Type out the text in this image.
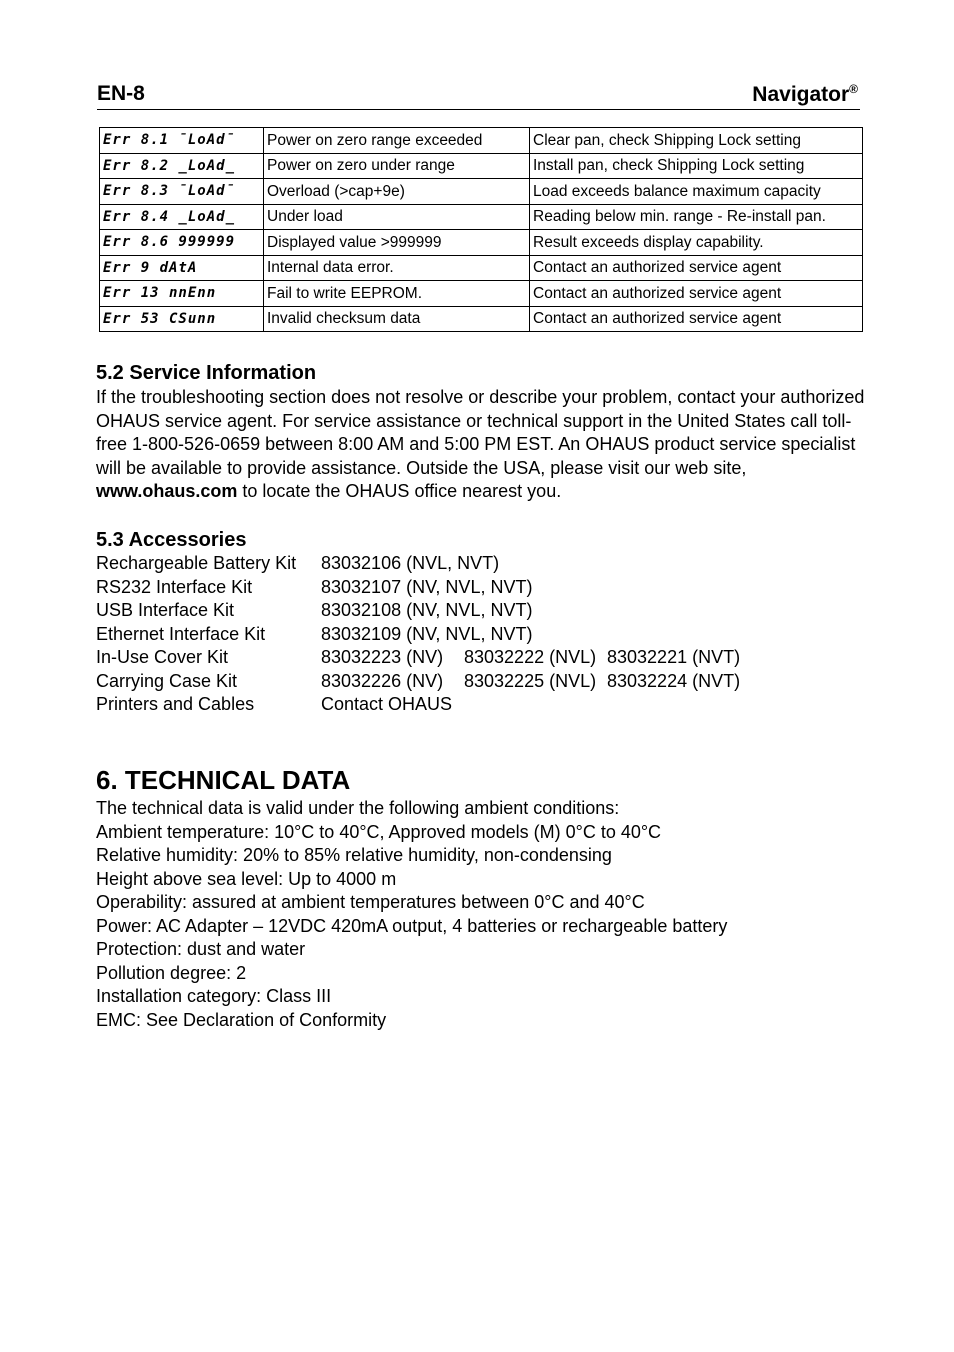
EN-8	Navigator®
Err 8.1 ¯LoAd¯	Power on zero range exceeded	Clear pan, check Shipping Lock setting
Err 8.2 _LoAd_	Power on zero under range	Install pan, check Shipping Lock setting
Err 8.3 ¯LoAd¯	Overload (>cap+9e)	Load exceeds balance maximum capacity
Err 8.4 _LoAd_	Under load	Reading below min. range - Re-install pan.
Err 8.6 999999	Displayed value >999999	Result exceeds display capability.
Err 9 dAtA	Internal data error.	Contact an authorized service agent
Err 13 nnEnn	Fail to write EEPROM.	Contact an authorized service agent
Err 53 CSunn	Invalid checksum data	Contact an authorized service agent
5.2 Service Information
If the troubleshooting section does not resolve or describe your problem, contact your authorized OHAUS service agent. For service assistance or technical support in the United States call toll-free 1-800-526-0659 between 8:00 AM and 5:00 PM EST. An OHAUS product service specialist will be available to provide assistance. Outside the USA, please visit our web site, www.ohaus.com to locate the OHAUS office nearest you.
5.3 Accessories
Rechargeable Battery Kit 83032106 (NVL, NVT)
RS232 Interface Kit	83032107 (NV, NVL, NVT)
USB Interface Kit	83032108 (NV, NVL, NVT)
Ethernet Interface Kit	83032109 (NV, NVL, NVT)
In-Use Cover Kit	83032223 (NV) 83032222 (NVL) 83032221 (NVT)
Carrying Case Kit	83032226 (NV) 83032225 (NVL) 83032224 (NVT)
Printers and Cables	Contact OHAUS
6. TECHNICAL DATA
The technical data is valid under the following ambient conditions:
Ambient temperature: 10°C to 40°C, Approved models (M) 0°C to 40°C
Relative humidity: 20% to 85% relative humidity, non-condensing
Height above sea level: Up to 4000 m
Operability: assured at ambient temperatures between 0°C and 40°C
Power: AC Adapter – 12VDC 420mA output, 4 batteries or rechargeable battery
Protection: dust and water
Pollution degree: 2
Installation category: Class III
EMC: See Declaration of Conformity
